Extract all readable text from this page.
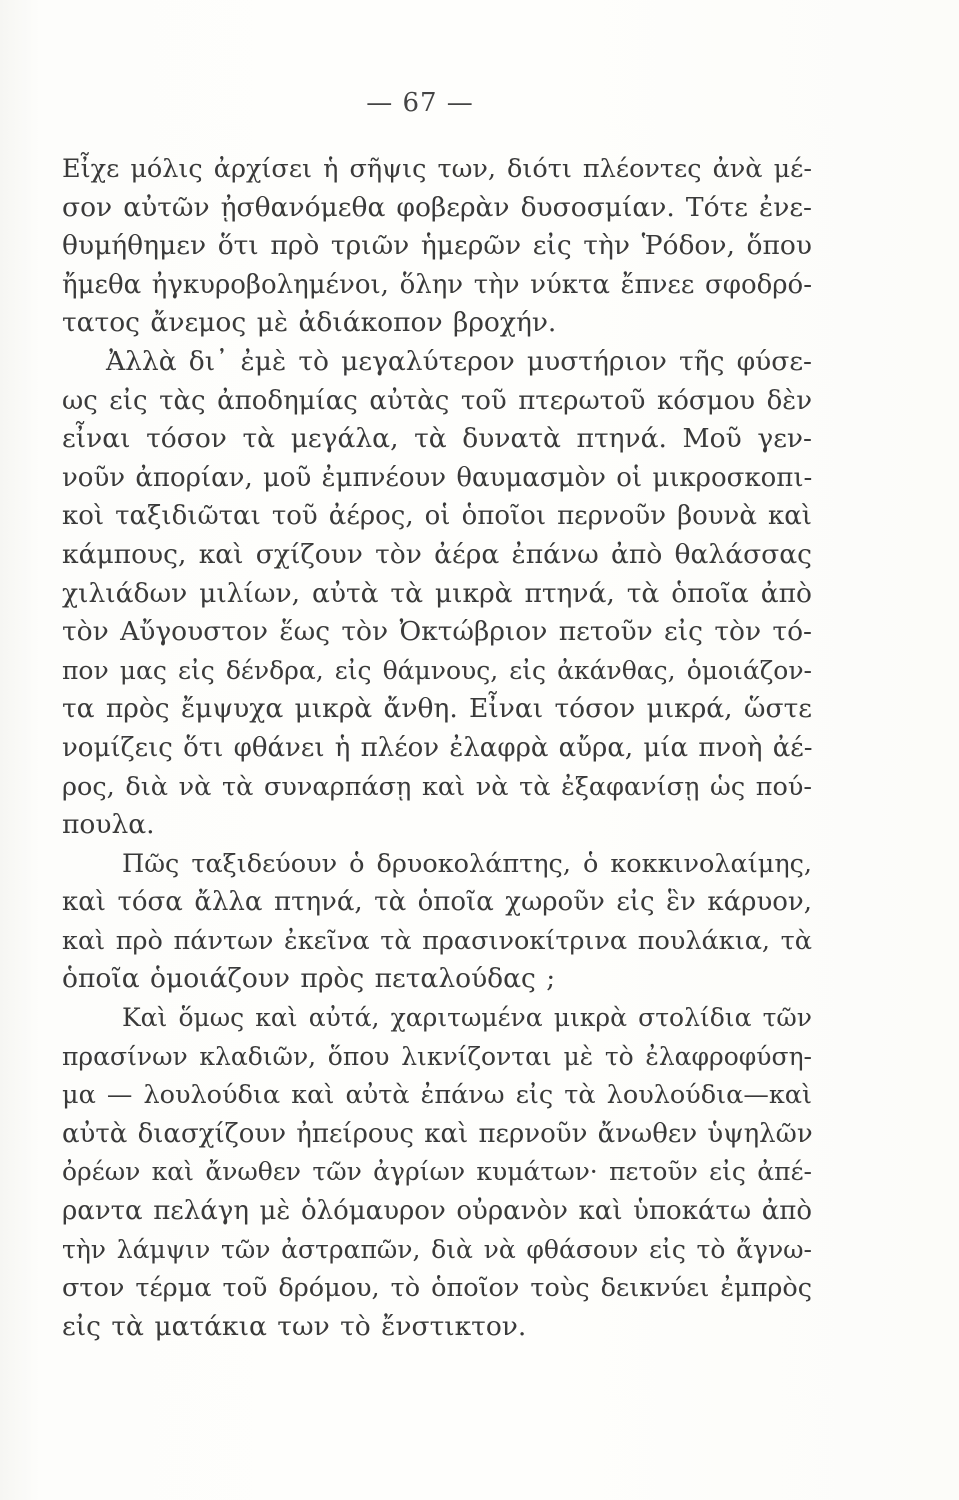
— 67 —
Εἶχε μόλις ἀρχίσει ἡ σῆψις των, διότι πλέοντες ἀνὰ μέ-
σον αὐτῶν ᾐσθανόμεθα φοβερὰν δυσοσμίαν. Τότε ἐνε-
θυμήθημεν ὅτι πρὸ τριῶν ἡμερῶν εἰς τὴν Ῥόδον, ὅπου
ἤμεθα ἠγκυροβολημένοι, ὅλην τὴν νύκτα ἔπνεε σφοδρό-
τατος ἄνεμος μὲ ἀδιάκοπον βροχήν.
Ἀλλὰ δι᾽ ἐμὲ τὸ μεγαλύτερον μυστήριον τῆς φύσε-
ως εἰς τὰς ἀποδημίας αὐτὰς τοῦ πτερωτοῦ κόσμου δὲν
εἶναι τόσον τὰ μεγάλα, τὰ δυνατὰ πτηνά. Μοῦ γεν-
νοῦν ἀπορίαν, μοῦ ἐμπνέουν θαυμασμὸν οἱ μικροσκοπι-
κοὶ ταξιδιῶται τοῦ ἀέρος, οἱ ὁποῖοι περνοῦν βουνὰ καὶ
κάμπους, καὶ σχίζουν τὸν ἀέρα ἐπάνω ἀπὸ θαλάσσας
χιλιάδων μιλίων, αὐτὰ τὰ μικρὰ πτηνά, τὰ ὁποῖα ἀπὸ
τὸν Αὔγουστον ἕως τὸν Ὀκτώβριον πετοῦν εἰς τὸν τό-
πον μας εἰς δένδρα, εἰς θάμνους, εἰς ἀκάνθας, ὁμοιάζον-
τα πρὸς ἔμψυχα μικρὰ ἄνθη. Εἶναι τόσον μικρά, ὥστε
νομίζεις ὅτι φθάνει ἡ πλέον ἐλαφρὰ αὔρα, μία πνοὴ ἀέ-
ρος, διὰ νὰ τὰ συναρπάσῃ καὶ νὰ τὰ ἐξαφανίσῃ ὡς πού-
πουλα.
Πῶς ταξιδεύουν ὁ δρυοκολάπτης, ὁ κοκκινολαίμης,
καὶ τόσα ἄλλα πτηνά, τὰ ὁποῖα χωροῦν εἰς ἓν κάρυον,
καὶ πρὸ πάντων ἐκεῖνα τὰ πρασινοκίτρινα πουλάκια, τὰ
ὁποῖα ὁμοιάζουν πρὸς πεταλούδας ;
Καὶ ὅμως καὶ αὐτά, χαριτωμένα μικρὰ στολίδια τῶν
πρασίνων κλαδιῶν, ὅπου λικνίζονται μὲ τὸ ἐλαφροφύση-
μα — λουλούδια καὶ αὐτὰ ἐπάνω εἰς τὰ λουλούδια—καὶ
αὐτὰ διασχίζουν ἠπείρους καὶ περνοῦν ἄνωθεν ὑψηλῶν
ὀρέων καὶ ἄνωθεν τῶν ἀγρίων κυμάτων· πετοῦν εἰς ἀπέ-
ραντα πελάγη μὲ ὁλόμαυρον οὐρανὸν καὶ ὑποκάτω ἀπὸ
τὴν λάμψιν τῶν ἀστραπῶν, διὰ νὰ φθάσουν εἰς τὸ ἄγνω-
στον τέρμα τοῦ δρόμου, τὸ ὁποῖον τοὺς δεικνύει ἐμπρὸς
εἰς τὰ ματάκια των τὸ ἔνστικτον.
